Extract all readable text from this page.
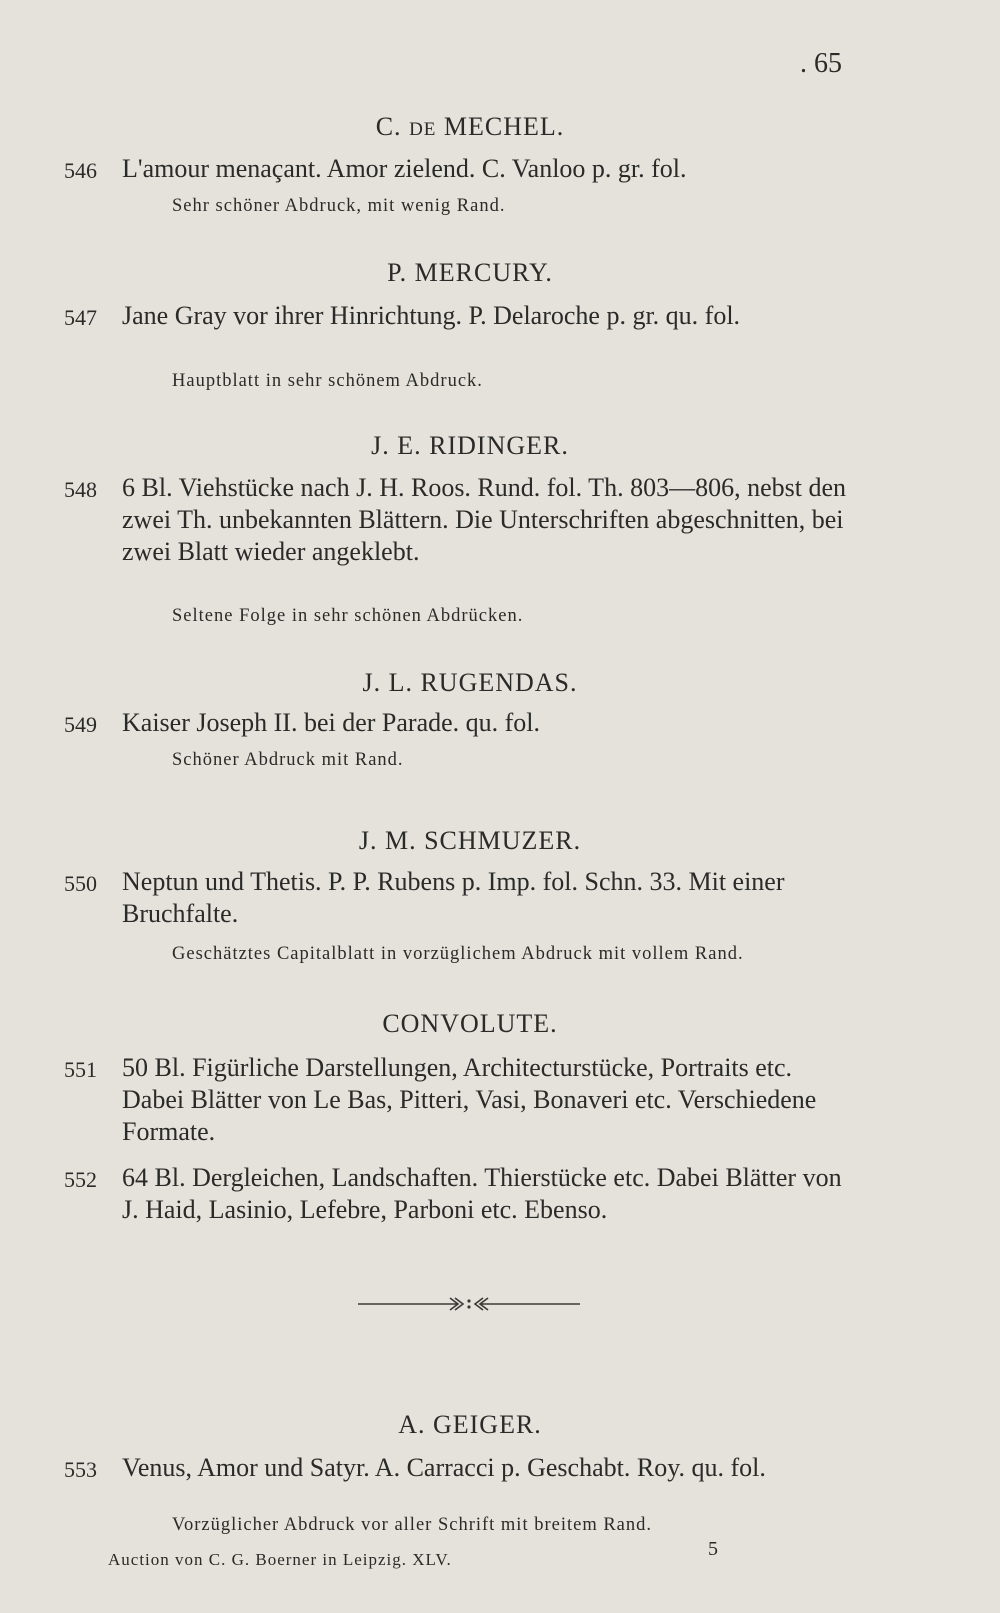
. 65
C. DE MECHEL.
546 L'amour menaçant. Amor zielend. C. Vanloo p. gr. fol.
Sehr schöner Abdruck, mit wenig Rand.
P. MERCURY.
547 Jane Gray vor ihrer Hinrichtung. P. Delaroche p. gr. qu. fol.
Hauptblatt in sehr schönem Abdruck.
J. E. RIDINGER.
548 6 Bl. Viehstücke nach J. H. Roos. Rund. fol. Th. 803—806, nebst den zwei Th. unbekannten Blättern. Die Unterschriften abgeschnitten, bei zwei Blatt wieder angeklebt.
Seltene Folge in sehr schönen Abdrücken.
J. L. RUGENDAS.
549 Kaiser Joseph II. bei der Parade. qu. fol.
Schöner Abdruck mit Rand.
J. M. SCHMUZER.
550 Neptun und Thetis. P. P. Rubens p. Imp. fol. Schn. 33. Mit einer Bruchfalte.
Geschätztes Capitalblatt in vorzüglichem Abdruck mit vollem Rand.
CONVOLUTE.
551 50 Bl. Figürliche Darstellungen, Architecturstücke, Portraits etc. Dabei Blätter von Le Bas, Pitteri, Vasi, Bonaveri etc. Verschiedene Formate.
552 64 Bl. Dergleichen, Landschaften. Thierstücke etc. Dabei Blätter von J. Haid, Lasinio, Lefebre, Parboni etc. Ebenso.
A. GEIGER.
553 Venus, Amor und Satyr. A. Carracci p. Geschabt. Roy. qu. fol.
Vorzüglicher Abdruck vor aller Schrift mit breitem Rand.
Auction von C. G. Boerner in Leipzig. XLV.	5
